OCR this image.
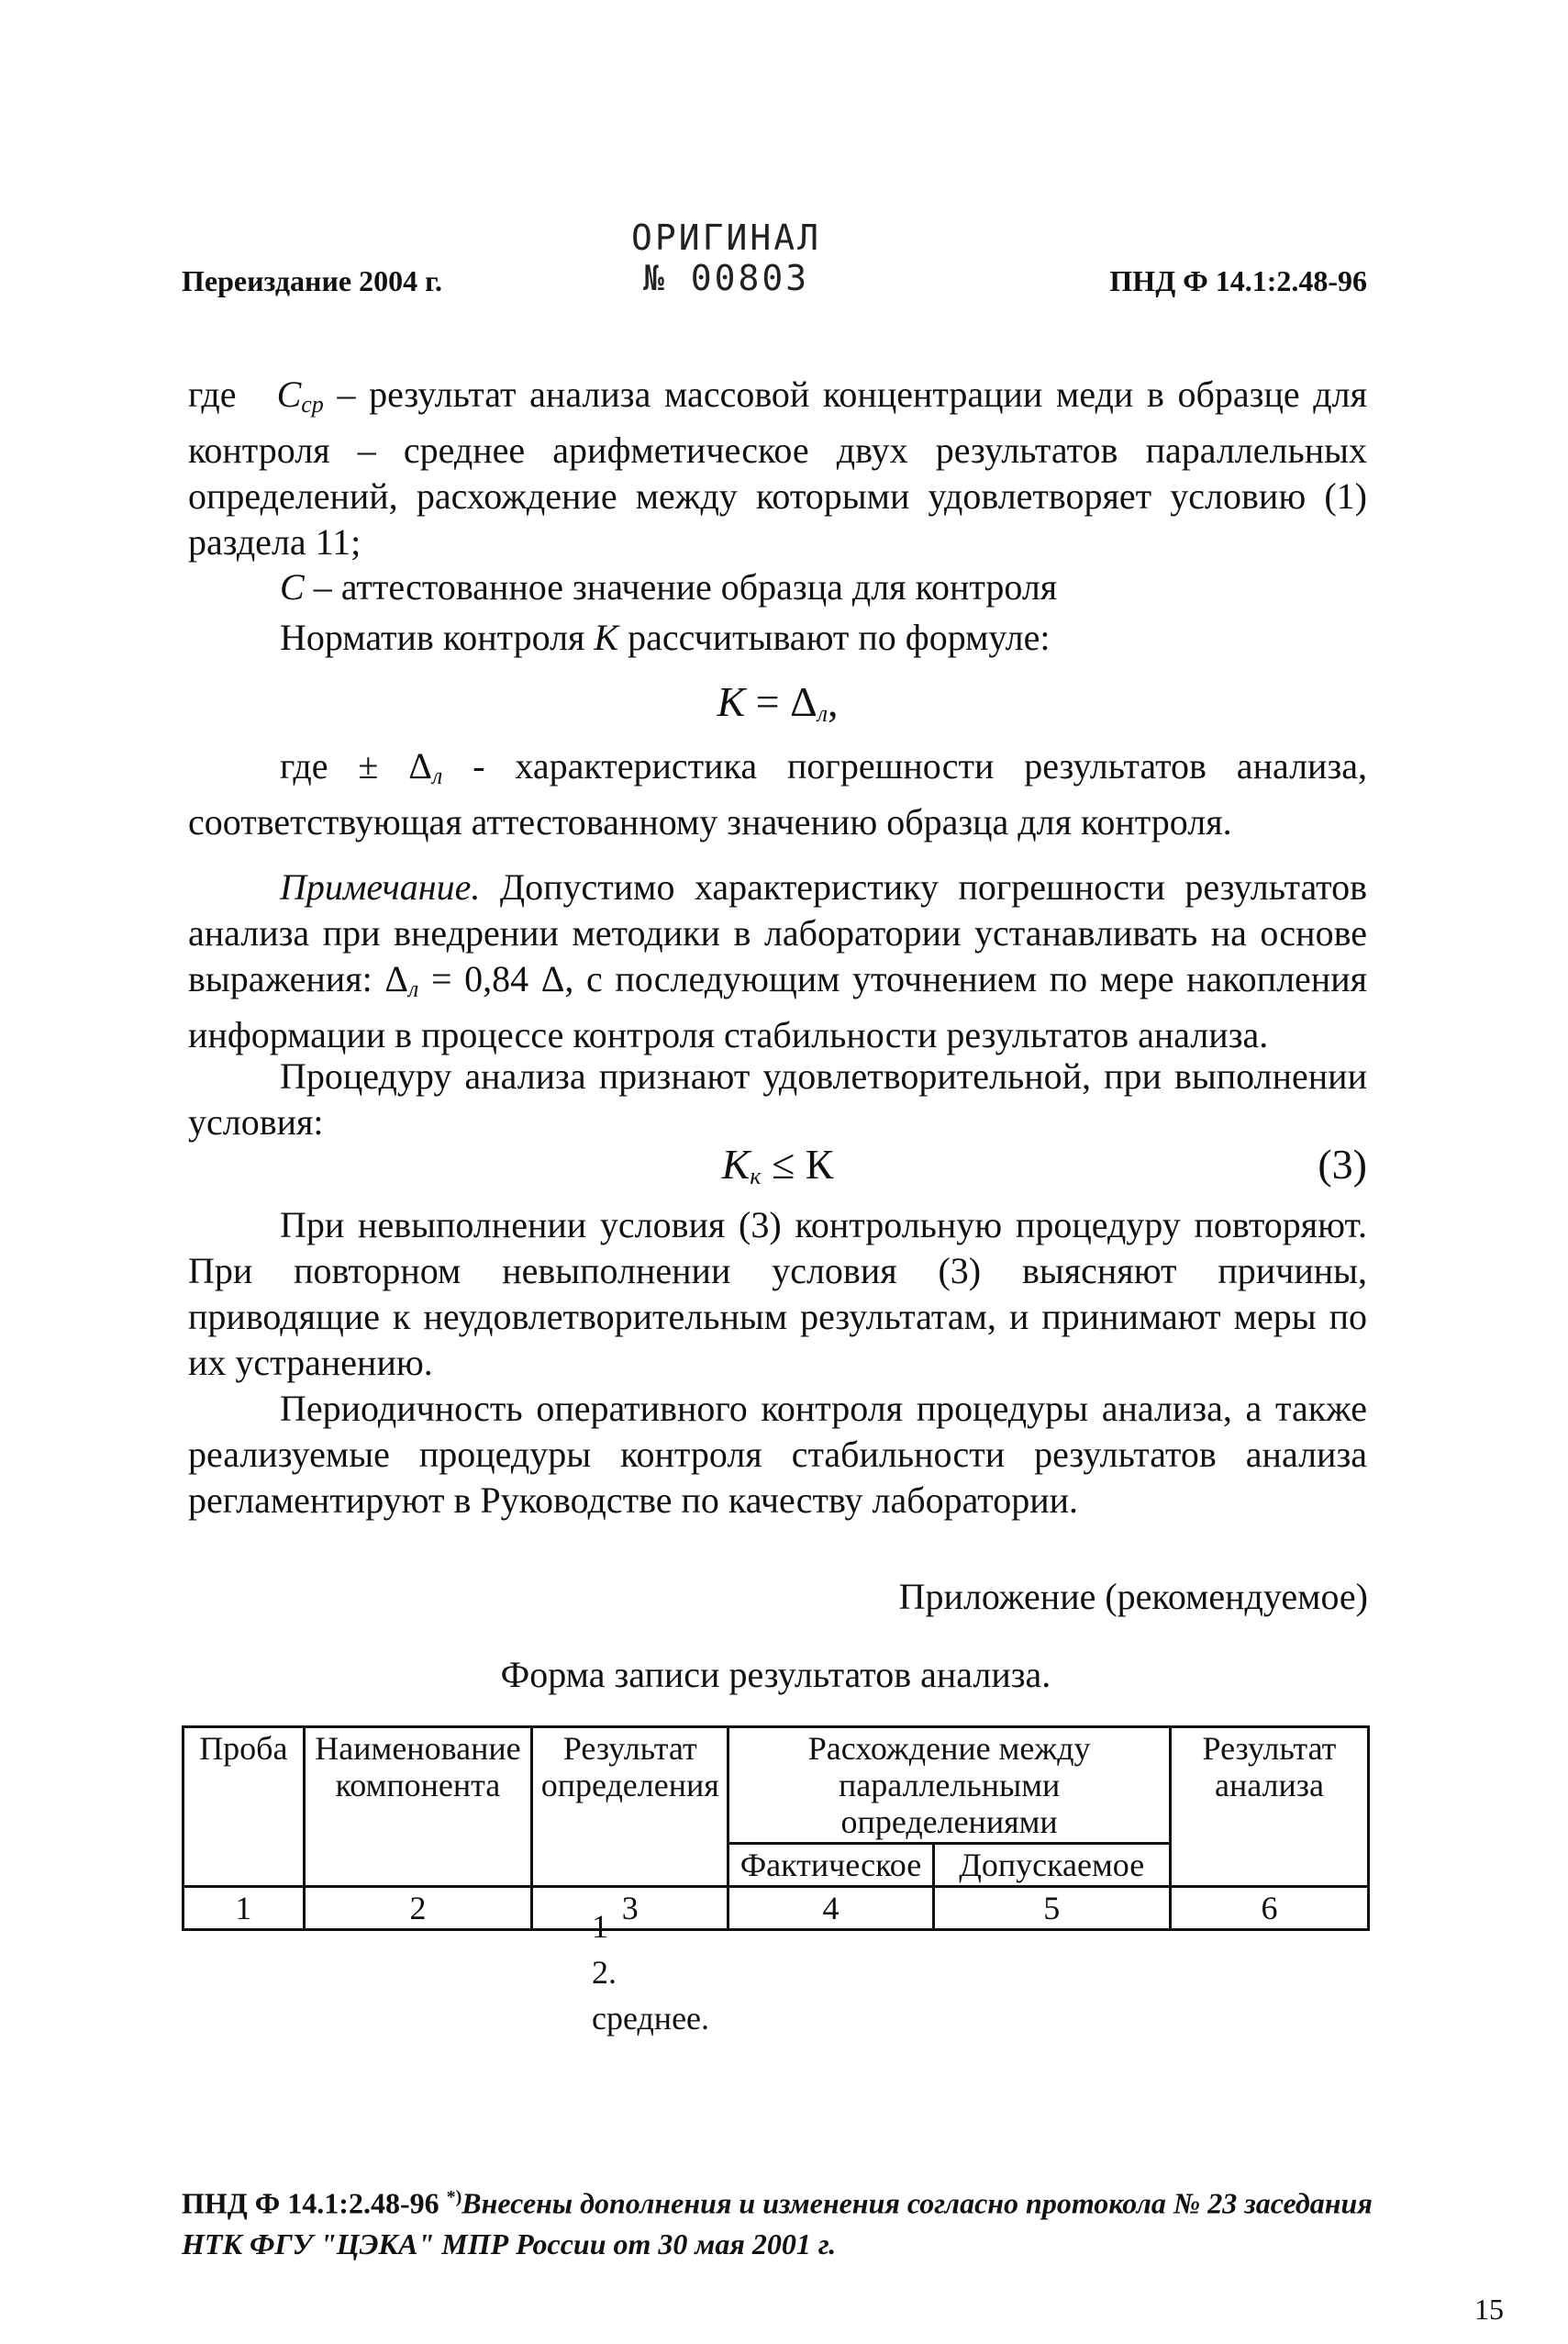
Переиздание 2004 г.
ОРИГИНАЛ
№ 00803	ПНД Ф 14.1:2.48-96
где Cср – результат анализа массовой концентрации меди в образце для контроля – среднее арифметическое двух результатов параллельных определений, расхождение между которыми удовлетворяет условию (1) раздела 11;
C – аттестованное значение образца для контроля
Норматив контроля K рассчитывают по формуле:
K = Δл,
где ± Δл - характеристика погрешности результатов анализа, соответствующая аттестованному значению образца для контроля.
Примечание. Допустимо характеристику погрешности результатов анализа при внедрении методики в лаборатории устанавливать на основе выражения: Δл = 0,84 Δ, с последующим уточнением по мере накопления информации в процессе контроля стабильности результатов анализа.
Процедуру анализа признают удовлетворительной, при выполнении условия:
Kк ≤ К	(3)
При невыполнении условия (3) контрольную процедуру повторяют. При повторном невыполнении условия (3) выясняют причины, приводящие к неудовлетворительным результатам, и принимают меры по их устранению.
Периодичность оперативного контроля процедуры анализа, а также реализуемые процедуры контроля стабильности результатов анализа регламентируют в Руководстве по качеству лаборатории.
Приложение (рекомендуемое)
Форма записи результатов анализа.
Проба	Наименование компонента	Результат определения	Расхождение между параллельными определениями		Результат анализа
			Фактическое	Допускаемое	
1	2	3	4	5	6
1
2.
среднее.
ПНД Ф 14.1:2.48-96 *)Внесены дополнения и изменения согласно протокола № 23 заседания НТК ФГУ "ЦЭКА" МПР России от 30 мая 2001 г.
15
